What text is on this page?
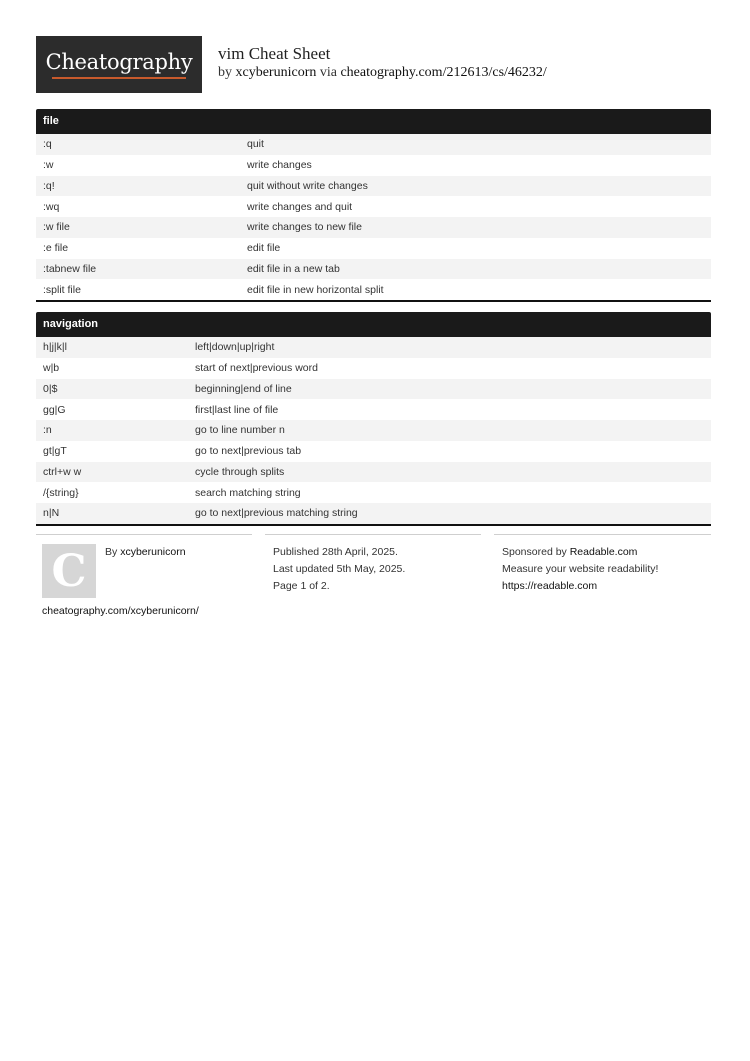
Cheatography	vim Cheat Sheet
by xcyberunicorn via cheatography.com/212613/cs/46232/
file
:q	quit
:w	write changes
:q!	quit without write changes
:wq	write changes and quit
:w file	write changes to new file
:e file	edit file
:tabnew file	edit file in a new tab
:split file	edit file in new horizontal split
navigation
h|j|k|l	left|down|up|right
w|b	start of next|previous word
0|$	beginning|end of line
gg|G	first|last line of file
:n	go to line number n
gt|gT	go to next|previous tab
ctrl+w w	cycle through splits
/{string}	search matching string
n|N	go to next|previous matching string
C	By xcyberunicorn
cheatography.com/xcyberunicorn/
Published 28th April, 2025.
Last updated 5th May, 2025.
Page 1 of 2.
Sponsored by Readable.com
Measure your website readability!
https://readable.com
